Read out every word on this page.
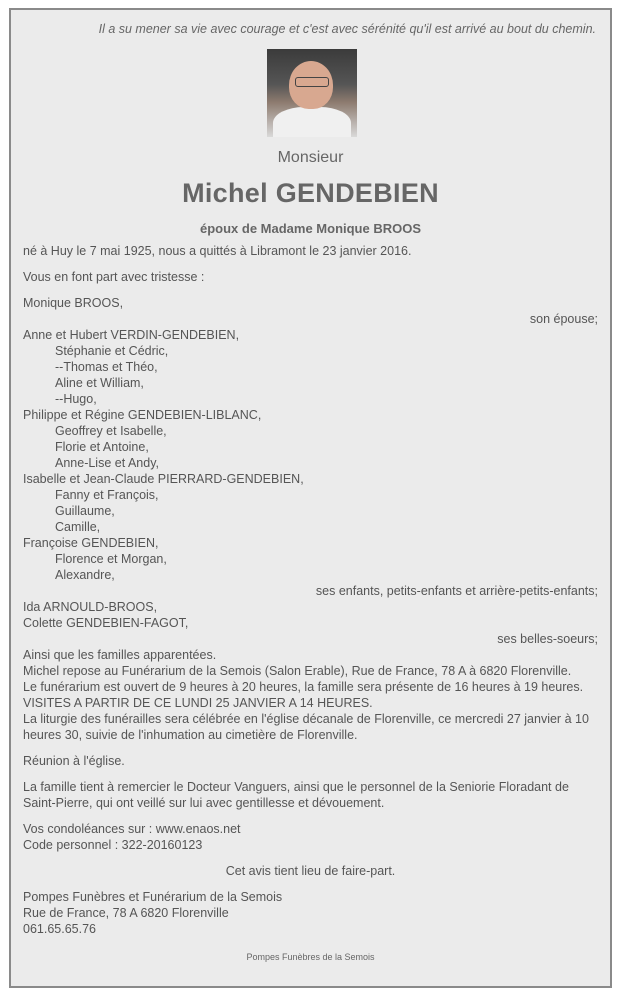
Il a su mener sa vie avec courage et c'est avec sérénité qu'il est arrivé au bout du chemin.
Monsieur
Michel GENDEBIEN
époux de Madame Monique BROOS

né à Huy le 7 mai 1925, nous a quittés à Libramont le 23 janvier 2016.

Vous en font part avec tristesse :

Monique BROOS,

son épouse;

Anne et Hubert VERDIN-GENDEBIEN,

Stéphanie et Cédric,

--Thomas et Théo,

Aline et William,

--Hugo,

Philippe et Régine GENDEBIEN-LIBLANC,

Geoffrey et Isabelle,

Florie et Antoine,

Anne-Lise et Andy,

Isabelle et Jean-Claude PIERRARD-GENDEBIEN,

Fanny et François,

Guillaume,

Camille,

Françoise GENDEBIEN,

Florence et Morgan,

Alexandre,

ses enfants, petits-enfants et arrière-petits-enfants;

Ida ARNOULD-BROOS,

Colette GENDEBIEN-FAGOT,

ses belles-soeurs;

Ainsi que les familles apparentées.

Michel repose au Funérarium de la Semois (Salon Erable), Rue de France, 78 A à 6820 Florenville.

Le funérarium est ouvert de 9 heures à 20 heures, la famille sera présente de 16 heures à 19 heures.

VISITES A PARTIR DE CE LUNDI 25 JANVIER A 14 HEURES.

La liturgie des funérailles sera célébrée en l'église décanale de Florenville, ce mercredi 27 janvier à 10 heures 30, suivie de l'inhumation au cimetière de Florenville.

Réunion à l'église.

La famille tient à remercier le Docteur Vanguers, ainsi que le personnel de la Seniorie Floradant de Saint-Pierre, qui ont veillé sur lui avec gentillesse et dévouement.

Vos condoléances sur : www.enaos.net

Code personnel : 322-20160123

Cet avis tient lieu de faire-part.

Pompes Funèbres et Funérarium de la Semois

Rue de France, 78 A 6820 Florenville

061.65.65.76

Pompes Funèbres de la Semois
